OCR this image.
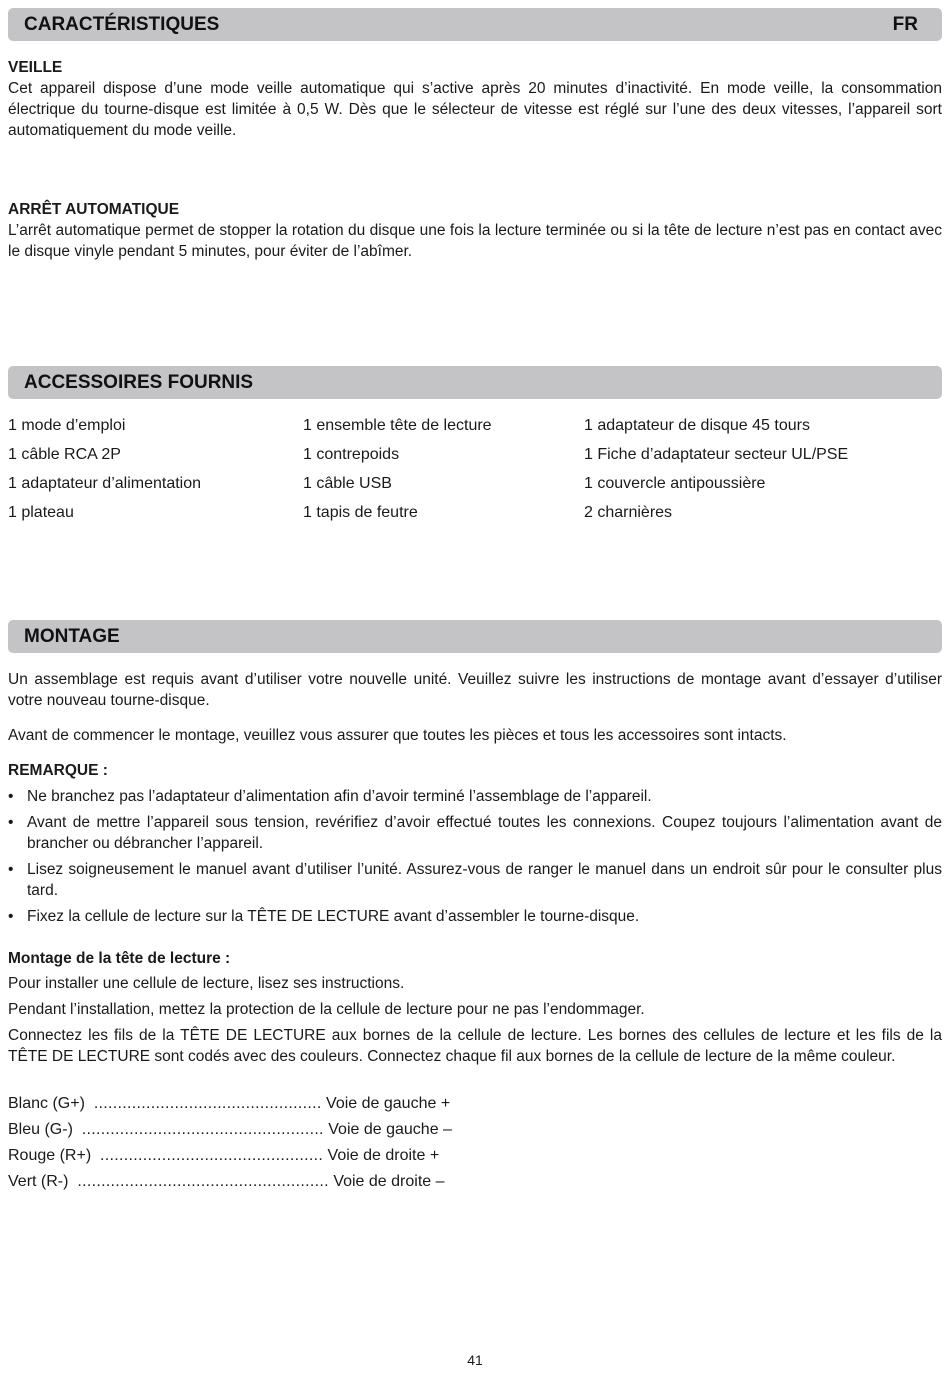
CARACTÉRISTIQUES	FR
VEILLE

Cet appareil dispose d’une mode veille automatique qui s’active après 20 minutes d’inactivité. En mode veille, la consommation électrique du tourne-disque est limitée à 0,5 W. Dès que le sélecteur de vitesse est réglé sur l’une des deux vitesses, l’appareil sort automatiquement du mode veille.

ARRÊT AUTOMATIQUE

L’arrêt automatique permet de stopper la rotation du disque une fois la lecture terminée ou si la tête de lecture n’est pas en contact avec le disque vinyle pendant 5 minutes, pour éviter de l’abîmer.

ACCESSOIRES FOURNIS
1 mode d’emploi	1 ensemble tête de lecture	1 adaptateur de disque 45 tours
1 câble RCA 2P	1 contrepoids	1 Fiche d’adaptateur secteur UL/PSE
1 adaptateur d’alimentation	1 câble USB	1 couvercle antipoussière
1 plateau	1 tapis de feutre	2 charnières
MONTAGE

Un assemblage est requis avant d’utiliser votre nouvelle unité. Veuillez suivre les instructions de montage avant d’essayer d’utiliser votre nouveau tourne-disque.

Avant de commencer le montage, veuillez vous assurer que toutes les pièces et tous les accessoires sont intacts.

REMARQUE :
• Ne branchez pas l’adaptateur d’alimentation afin d’avoir terminé l’assemblage de l’appareil.
• Avant de mettre l’appareil sous tension, revérifiez d’avoir effectué toutes les connexions. Coupez toujours l’alimentation avant de brancher ou débrancher l’appareil.
• Lisez soigneusement le manuel avant d’utiliser l’unité. Assurez-vous de ranger le manuel dans un endroit sûr pour le consulter plus tard.
• Fixez la cellule de lecture sur la TÊTE DE LECTURE avant d’assembler le tourne-disque.
Montage de la tête de lecture :
Pour installer une cellule de lecture, lisez ses instructions.
Pendant l’installation, mettez la protection de la cellule de lecture pour ne pas l’endommager.
Connectez les fils de la TÊTE DE LECTURE aux bornes de la cellule de lecture. Les bornes des cellules de lecture et les fils de la TÊTE DE LECTURE sont codés avec des couleurs. Connectez chaque fil aux bornes de la cellule de lecture de la même couleur.
Blanc (G+) ................................................ Voie de gauche +
Bleu (G-) ................................................... Voie de gauche –
Rouge (R+) ............................................... Voie de droite +
Vert (R-) ..................................................... Voie de droite –
41
